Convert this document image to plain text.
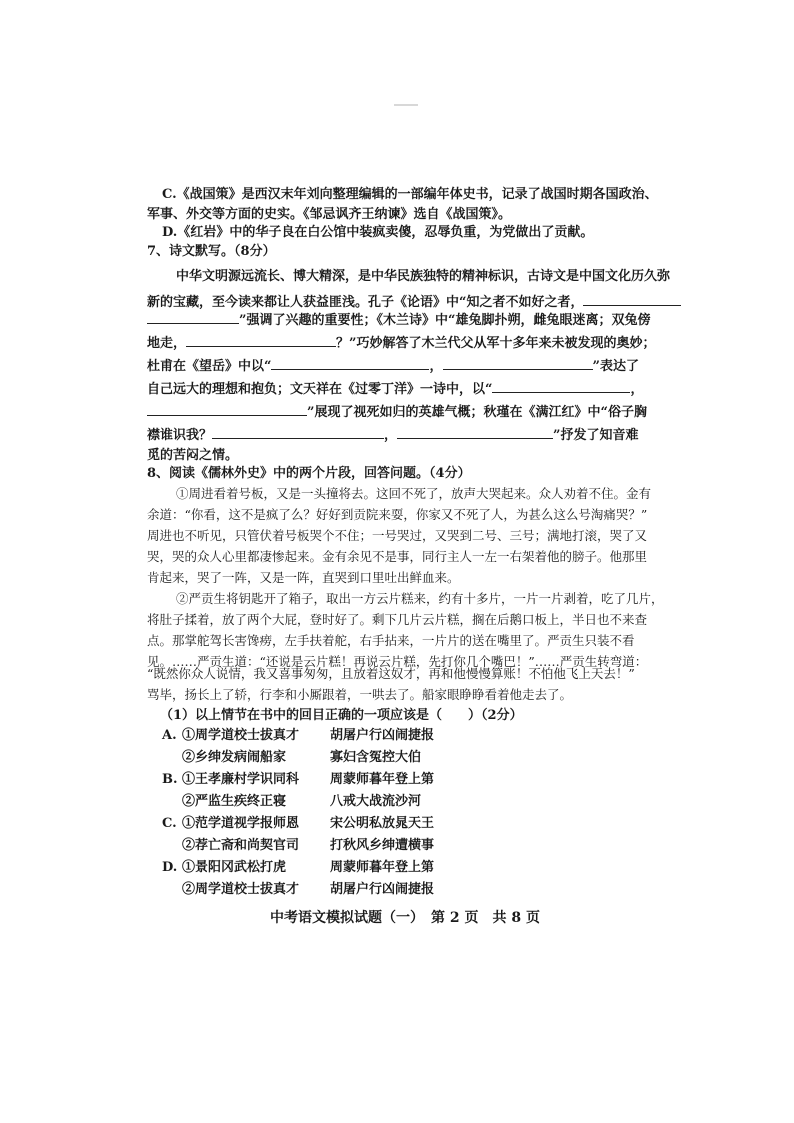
C.《战国策》是西汉末年刘向整理编辑的一部编年体史书，记录了战国时期各国政治、
军事、外交等方面的史实。《邹忌讽齐王纳谏》选自《战国策》。
D.《红岩》中的华子良在白公馆中装疯卖傻，忍辱负重，为党做出了贡献。
7、诗文默写。（8分）
中华文明源远流长、博大精深，是中华民族独特的精神标识，古诗文是中国文化历久弥
新的宝藏，至今读来都让人获益匪浅。孔子《论语》中“知之者不如好之者，
”强调了兴趣的重要性；《木兰诗》中“雄兔脚扑朔，雌兔眼迷离；双兔傍
地走，	？”巧妙解答了木兰代父从军十多年来未被发现的奥妙；
杜甫在《望岳》中以“	，	”表达了
自己远大的理想和抱负；文天祥在《过零丁洋》一诗中，以“	，
”展现了视死如归的英雄气概；秋瑾在《满江红》中“俗子胸
襟谁识我？	，	”抒发了知音难
觅的苦闷之情。
8、阅读《儒林外史》中的两个片段，回答问题。（4分）
①周进看着号板，又是一头撞将去。这回不死了，放声大哭起来。众人劝着不住。金有
余道：“你看，这不是疯了么？好好到贡院来耍，你家又不死了人，为甚么这么号淘痛哭？”
周进也不听见，只管伏着号板哭个不住；一号哭过，又哭到二号、三号；满地打滚，哭了又
哭，哭的众人心里都凄惨起来。金有余见不是事，同行主人一左一右架着他的膀子。他那里
肯起来，哭了一阵，又是一阵，直哭到口里吐出鲜血来。
②严贡生将钥匙开了箱子，取出一方云片糕来，约有十多片，一片一片剥着，吃了几片，
将肚子揉着，放了两个大屁，登时好了。剩下几片云片糕，搁在后鹅口板上，半日也不来查
点。那掌舵驾长害馋痨，左手扶着舵，右手拈来，一片片的送在嘴里了。严贡生只装不看
见。……严贡生道：“还说是云片糕！再说云片糕，先打你几个嘴巴！”……严贡生转弯道：
“既然你众人说情，我又喜事匆匆，且放着这奴才，再和他慢慢算账！不怕他飞上天去！”
骂毕，扬长上了轿，行李和小厮跟着，一哄去了。船家眼睁睁看着他走去了。
（1）以上情节在书中的回目正确的一项应该是（　　）（2分）
A. ①周学道校士拔真才 胡屠户行凶闹捷报
②乡绅发病闹船家	寡妇含冤控大伯
B. ①王孝廉村学识同科 周蒙师暮年登上第
②严监生疾终正寝	八戒大战流沙河
C. ①范学道视学报师恩 宋公明私放晁天王
②荐亡斋和尚契官司 打秋风乡绅遭横事
D. ①景阳冈武松打虎	周蒙师暮年登上第
②周学道校士拔真才 胡屠户行凶闹捷报
中考语文模拟试题（一）　第 2 页　共 8 页
